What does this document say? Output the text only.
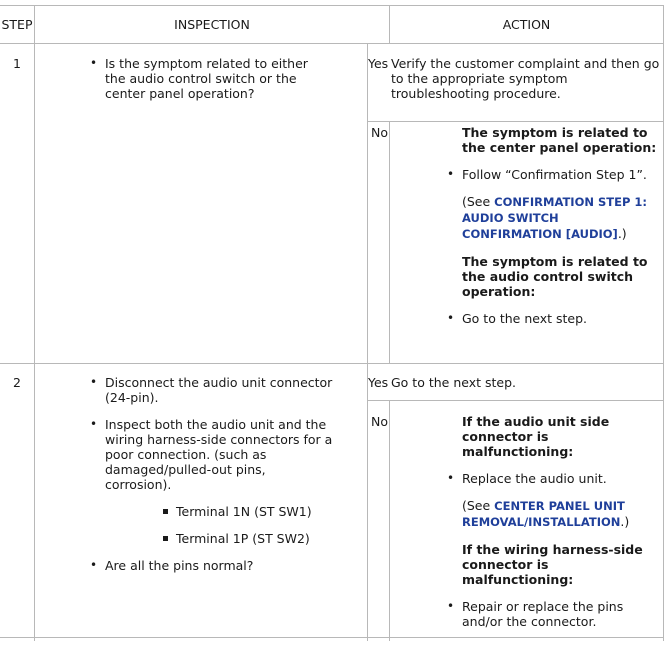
STEP	INSPECTION	ACTION
1	• Is the symptom related to either the audio control switch or the center panel operation?
Yes Verify the customer complaint and then go to the appropriate symptom troubleshooting procedure.
No	The symptom is related to the center panel operation:
• Follow “Confirmation Step 1”.
(See CONFIRMATION STEP 1: AUDIO SWITCH CONFIRMATION [AUDIO].)
The symptom is related to the audio control switch operation:
• Go to the next step.
2	• Disconnect the audio unit connector (24-pin).
• Inspect both the audio unit and the wiring harness-side connectors for a poor connection. (such as damaged/pulled-out pins, corrosion).
Terminal 1N (ST SW1)
Terminal 1P (ST SW2)
• Are all the pins normal?
Yes Go to the next step.
No	If the audio unit side connector is malfunctioning:
• Replace the audio unit.
(See CENTER PANEL UNIT REMOVAL/INSTALLATION.)
If the wiring harness-side connector is malfunctioning:
• Repair or replace the pins and/or the connector.
